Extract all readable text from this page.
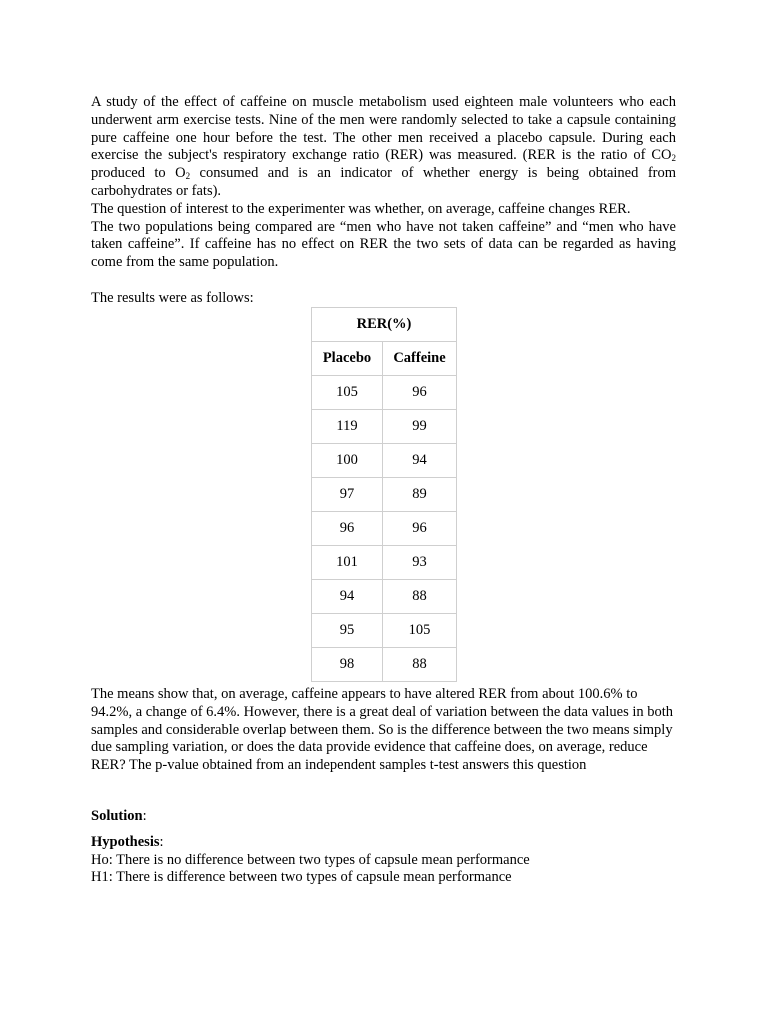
A study of the effect of caffeine on muscle metabolism used eighteen male volunteers who each underwent arm exercise tests. Nine of the men were randomly selected to take a capsule containing pure caffeine one hour before the test. The other men received a placebo capsule. During each exercise the subject's respiratory exchange ratio (RER) was measured. (RER is the ratio of $CO_2$ produced to $O_2$ consumed and is an indicator of whether energy is being obtained from carbohydrates or fats).

The question of interest to the experimenter was whether, on average, caffeine changes RER.

The two populations being compared are “men who have not taken caffeine” and “men who have taken caffeine”. If caffeine has no effect on RER the two sets of data can be regarded as having come from the same population.

The results were as follows:

RER(%)	
Placebo	Caffeine
105	96
119	99
100	94
97	89
96	96
101	93
94	88
95	105
98	88

The means show that, on average, caffeine appears to have altered RER from about 100.6% to 94.2%, a change of 6.4%. However, there is a great deal of variation between the data values in both samples and considerable overlap between them. So is the difference between the two means simply due sampling variation, or does the data provide evidence that caffeine does, on average, reduce RER? The p-value obtained from an independent samples t-test answers this question

Solution:

Hypothesis:

Ho: There is no difference between two types of capsule mean performance

H1: There is difference between two types of capsule mean performance
